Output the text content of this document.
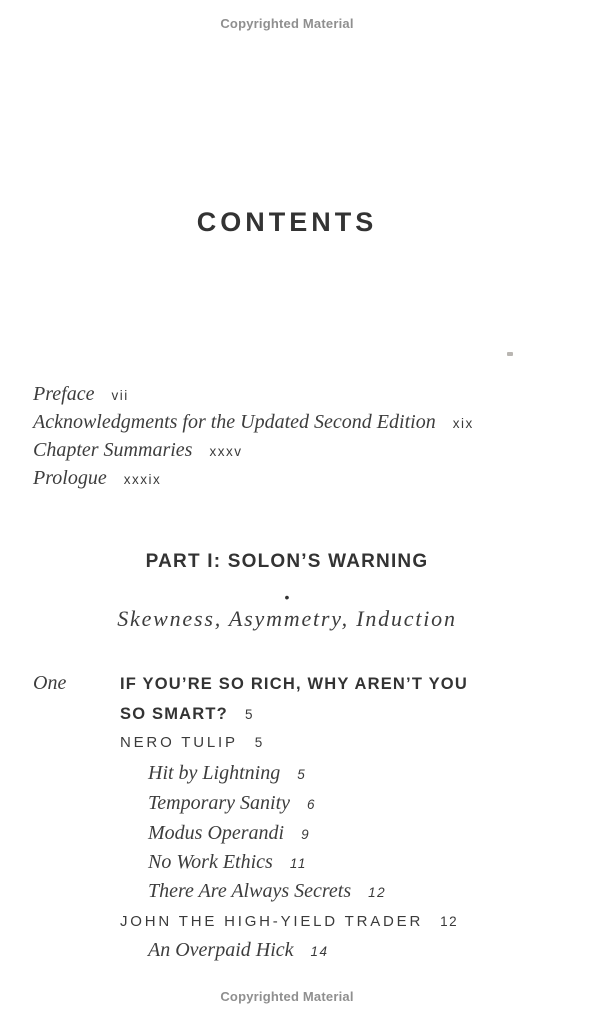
Copyrighted Material
CONTENTS
Preface vii
Acknowledgments for the Updated Second Edition xix
Chapter Summaries xxxv
Prologue xxxix
PART I: SOLON’S WARNING
•
Skewness, Asymmetry, Induction
One	IF YOU’RE SO RICH, WHY AREN’T YOU
SO SMART? 5
NERO TULIP 5
Hit by Lightning 5
Temporary Sanity 6
Modus Operandi 9
No Work Ethics 11
There Are Always Secrets 12
JOHN THE HIGH-YIELD TRADER 12
An Overpaid Hick 14
Copyrighted Material
